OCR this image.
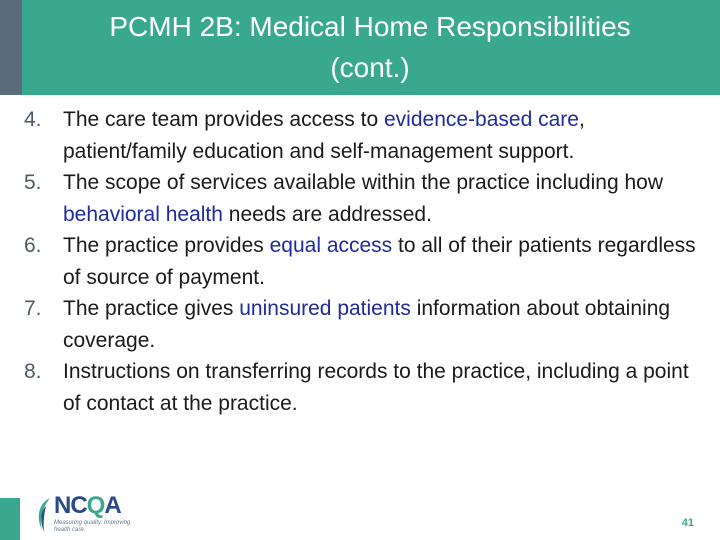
PCMH 2B: Medical Home Responsibilities
(cont.)
4. The care team provides access to evidence-based care, patient/family education and self-management support.
5. The scope of services available within the practice including how behavioral health needs are addressed.
6. The practice provides equal access to all of their patients regardless of source of payment.
7. The practice gives uninsured patients information about obtaining coverage.
8. Instructions on transferring records to the practice, including a point of contact at the practice.
NCQA
Measuring quality. Improving health care.
41
